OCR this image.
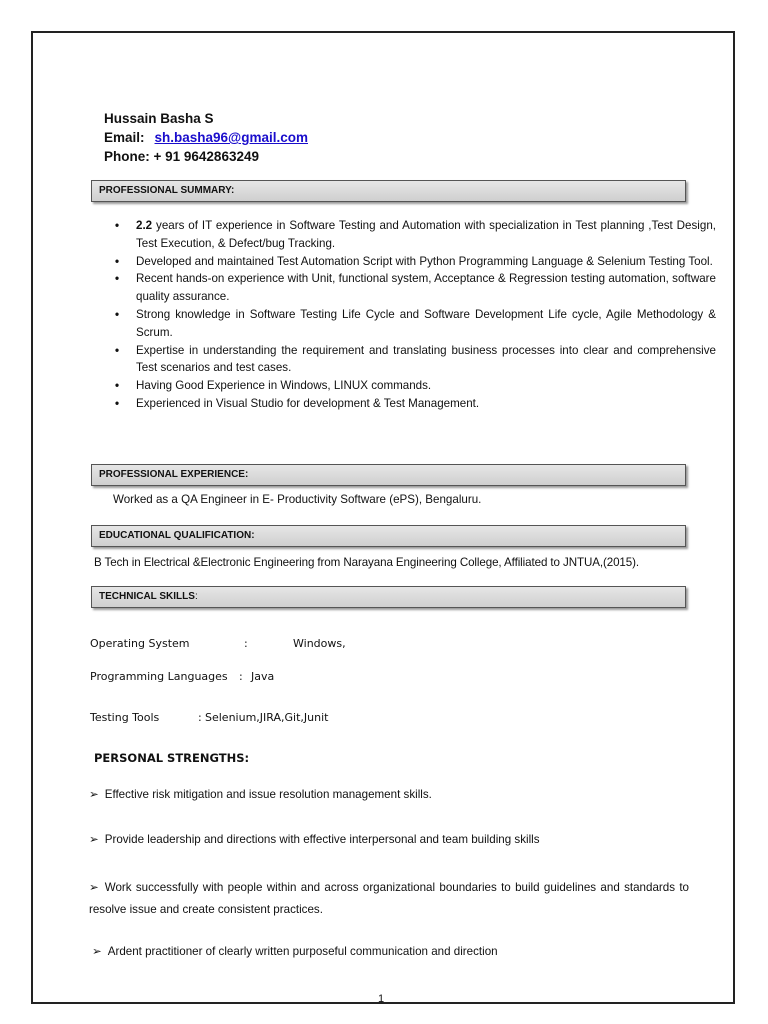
Hussain Basha S
Email: sh.basha96@gmail.com
Phone: + 91 9642863249
PROFESSIONAL SUMMARY:
• 2.2 years of IT experience in Software Testing and Automation with specialization in Test planning ,Test Design, Test Execution, & Defect/bug Tracking.
• Developed and maintained Test Automation Script with Python Programming Language & Selenium Testing Tool.
• Recent hands-on experience with Unit, functional system, Acceptance & Regression testing automation, software quality assurance.
• Strong knowledge in Software Testing Life Cycle and Software Development Life cycle, Agile Methodology & Scrum.
• Expertise in understanding the requirement and translating business processes into clear and comprehensive Test scenarios and test cases.
• Having Good Experience in Windows, LINUX commands.
• Experienced in Visual Studio for development & Test Management.
PROFESSIONAL EXPERIENCE:
Worked as a QA Engineer in E- Productivity Software (ePS), Bengaluru.
EDUCATIONAL QUALIFICATION:
B Tech in Electrical &Electronic Engineering from Narayana Engineering College, Affiliated to JNTUA,(2015).
TECHNICAL SKILLS:
Operating System	:	Windows,
Programming Languages : Java
Testing Tools	: Selenium,JIRA,Git,Junit
PERSONAL STRENGTHS:
➢ Effective risk mitigation and issue resolution management skills.
➢ Provide leadership and directions with effective interpersonal and team building skills
➢ Work successfully with people within and across organizational boundaries to build guidelines and standards to resolve issue and create consistent practices.
➢ Ardent practitioner of clearly written purposeful communication and direction
1
